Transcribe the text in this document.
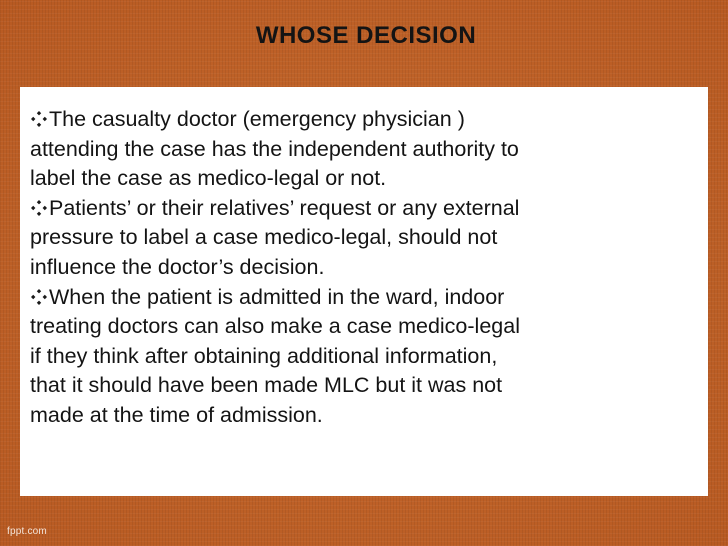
WHOSE DECISION

The casualty doctor (emergency physician )
attending the case has the independent authority to
label the case as medico-legal or not.

Patients’ or their relatives’ request or any external
pressure to label a case medico-legal, should not
influence the doctor’s decision.

When the patient is admitted in the ward, indoor
treating doctors can also make a case medico-legal
if they think after obtaining additional information,
that it should have been made MLC but it was not
made at the time of admission.

fppt.com
